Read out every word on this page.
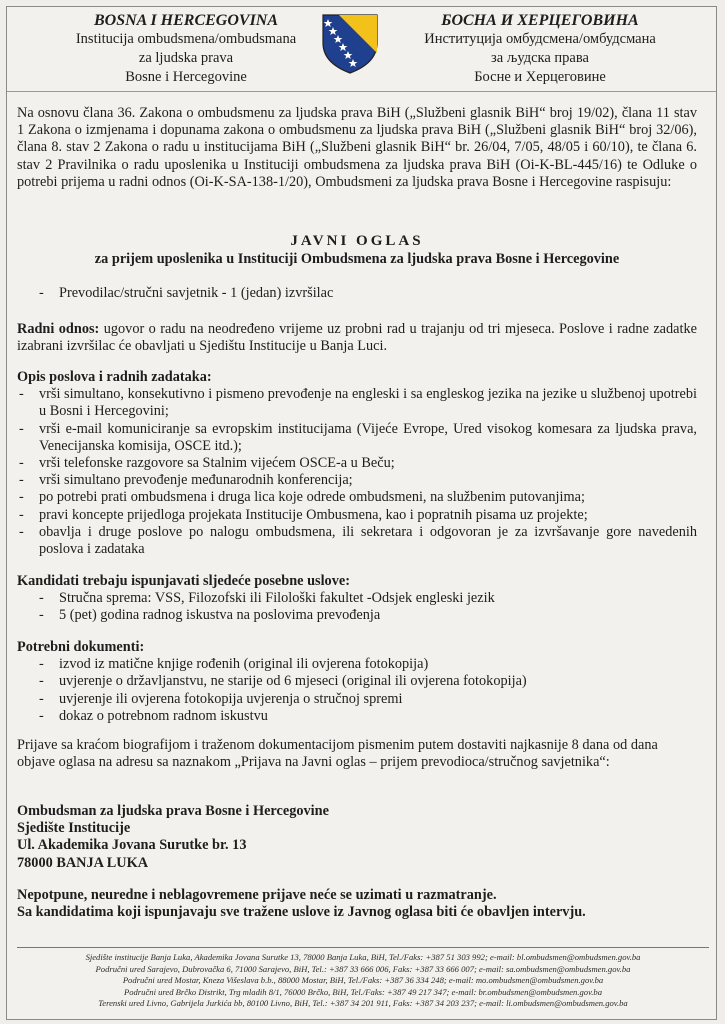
BOSNA I HERCEGOVINA
Institucija ombudsmena/ombudsmana
za ljudska prava
Bosne i Hercegovine
БОСНА И ХЕРЦЕГОВИНА
Институција омбудсмена/омбудсмана
за људска права
Босне и Херцеговине
Na osnovu člana 36. Zakona o ombudsmenu za ljudska prava BiH („Službeni glasnik BiH“ broj 19/02), člana 11 stav 1 Zakona o izmjenama i dopunama zakona o ombudsmenu za ljudska prava BiH („Službeni glasnik BiH“ broj 32/06), člana 8. stav 2 Zakona o radu u institucijama BiH („Službeni glasnik BiH“ br. 26/04, 7/05, 48/05 i 60/10), te člana 6. stav 2 Pravilnika o radu uposlenika u Instituciji ombudsmena za ljudska prava BiH (Oi-K-BL-445/16) te Odluke o potrebi prijema u radni odnos (Oi-K-SA-138-1/20), Ombudsmeni za ljudska prava Bosne i Hercegovine raspisuju:
JAVNI OGLAS
za prijem uposlenika u Instituciji Ombudsmena za ljudska prava Bosne i Hercegovine
- Prevodilac/stručni savjetnik - 1 (jedan) izvršilac
Radni odnos: ugovor o radu na neodređeno vrijeme uz probni rad u trajanju od tri mjeseca. Poslove i radne zadatke izabrani izvršilac će obavljati u Sjedištu Institucije u Banja Luci.
Opis poslova i radnih zadataka:
- vrši simultano, konsekutivno i pismeno prevođenje na engleski i sa engleskog jezika na jezike u službenoj upotrebi u Bosni i Hercegovini;
- vrši e-mail komuniciranje sa evropskim institucijama (Vijeće Evrope, Ured visokog komesara za ljudska prava, Venecijanska komisija, OSCE itd.);
- vrši telefonske razgovore sa Stalnim vijećem OSCE-a u Beču;
- vrši simultano prevođenje međunarodnih konferencija;
- po potrebi prati ombudsmena i druga lica koje odrede ombudsmeni, na službenim putovanjima;
- pravi koncepte prijedloga projekata Institucije Ombusmena, kao i popratnih pisama uz projekte;
- obavlja i druge poslove po nalogu ombudsmena, ili sekretara i odgovoran je za izvršavanje gore navedenih poslova i zadataka
Kandidati trebaju ispunjavati sljedeće posebne uslove:
- Stručna sprema: VSS, Filozofski ili Filološki fakultet -Odsjek engleski jezik
- 5 (pet) godina radnog iskustva na poslovima prevođenja
Potrebni dokumenti:
- izvod iz matične knjige rođenih (original ili ovjerena fotokopija)
- uvjerenje o državljanstvu, ne starije od 6 mjeseci (original ili ovjerena fotokopija)
- uvjerenje ili ovjerena fotokopija uvjerenja o stručnoj spremi
- dokaz o potrebnom radnom iskustvu
Prijave sa kraćom biografijom i traženom dokumentacijom pismenim putem dostaviti najkasnije 8 dana od dana objave oglasa na adresu sa naznakom „Prijava na Javni oglas – prijem prevodioca/stručnog savjetnika“:
Ombudsman za ljudska prava Bosne i Hercegovine
Sjedište Institucije
Ul. Akademika Jovana Surutke br. 13
78000 BANJA LUKA
Nepotpune, neuredne i neblagovremene prijave neće se uzimati u razmatranje.
Sa kandidatima koji ispunjavaju sve tražene uslove iz Javnog oglasa biti će obavljen intervju.
Sjedište institucije Banja Luka, Akademika Jovana Surutke 13, 78000 Banja Luka, BiH, Tel./Faks: +387 51 303 992; e-mail: bl.ombudsmen@ombudsmen.gov.ba
Područni ured Sarajevo, Dubrovačka 6, 71000 Sarajevo, BiH, Tel.: +387 33 666 006, Faks: +387 33 666 007; e-mail: sa.ombudsmen@ombudsmen.gov.ba
Područni ured Mostar, Kneza Višeslava b.b., 88000 Mostar, BiH, Tel./Faks: +387 36 334 248; e-mail: mo.ombudsmen@ombudsmen.gov.ba
Područni ured Brčko Distrikt, Trg mladih 8/1, 76000 Brčko, BiH, Tel./Faks: +387 49 217 347; e-mail: br.ombudsmen@ombudsmen.gov.ba
Terenski ured Livno, Gabrijela Jurkića bb, 80100 Livno, BiH, Tel.: +387 34 201 911, Faks: +387 34 203 237; e-mail: li.ombudsmen@ombudsmen.gov.ba
